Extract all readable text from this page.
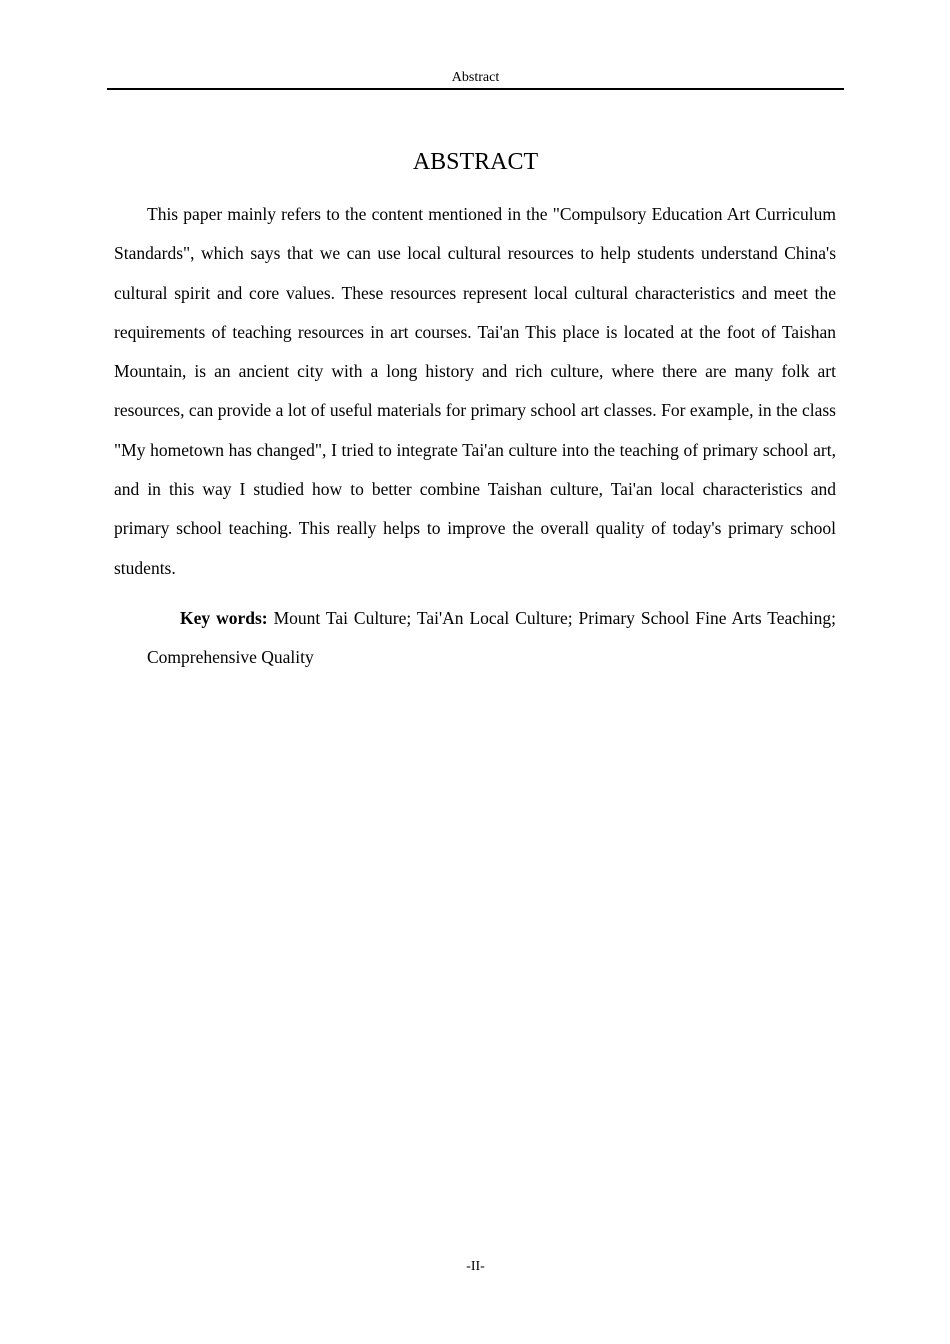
Abstract
ABSTRACT

This paper mainly refers to the content mentioned in the "Compulsory Education Art Curriculum Standards", which says that we can use local cultural resources to help students understand China's cultural spirit and core values. These resources represent local cultural characteristics and meet the requirements of teaching resources in art courses. Tai'an This place is located at the foot of Taishan Mountain, is an ancient city with a long history and rich culture, where there are many folk art resources, can provide a lot of useful materials for primary school art classes. For example, in the class "My hometown has changed", I tried to integrate Tai'an culture into the teaching of primary school art, and in this way I studied how to better combine Taishan culture, Tai'an local characteristics and primary school teaching. This really helps to improve the overall quality of today's primary school students.

Key words: Mount Tai Culture; Tai'An Local Culture; Primary School Fine Arts Teaching; Comprehensive Quality

-II-
